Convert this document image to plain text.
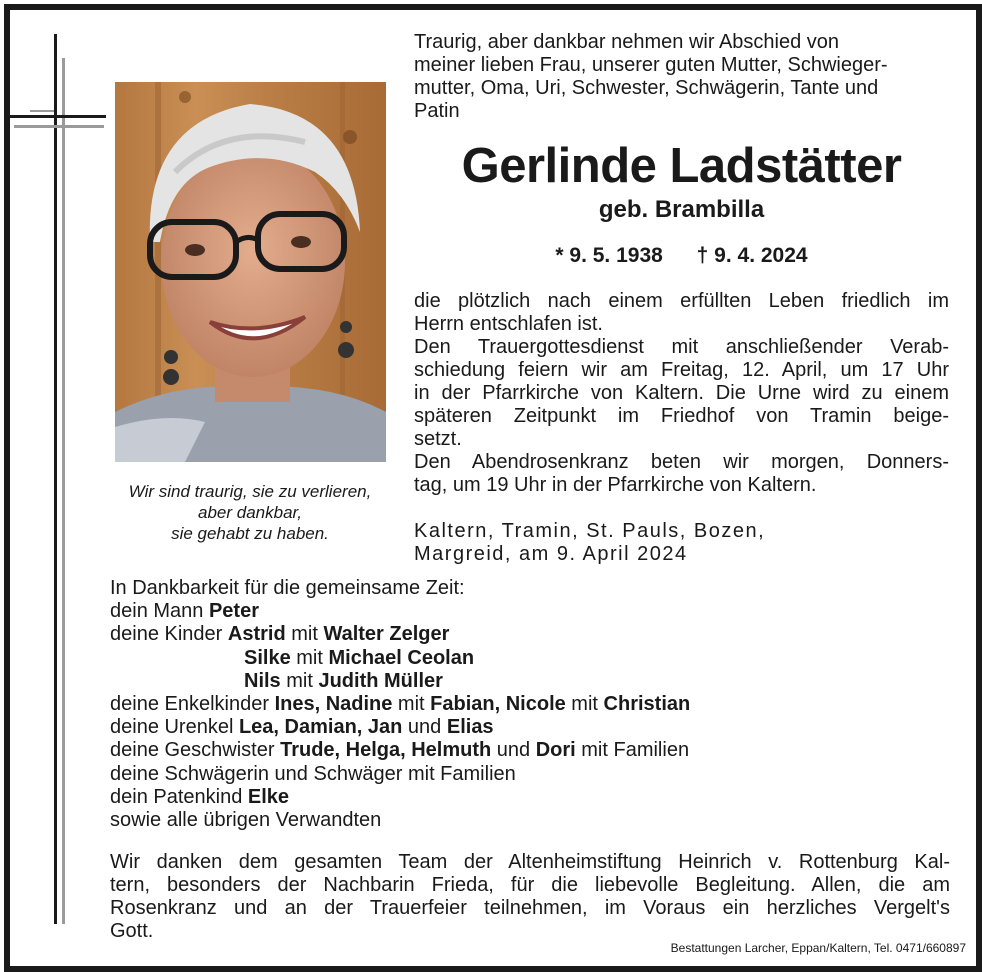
Wir sind traurig, sie zu verlieren,
aber dankbar,
sie gehabt zu haben.
Traurig, aber dankbar nehmen wir Abschied von
meiner lieben Frau, unserer guten Mutter, Schwieger-
mutter, Oma, Uri, Schwester, Schwägerin, Tante und
Patin
Gerlinde Ladstätter
geb. Brambilla
* 9. 5. 1938 † 9. 4. 2024
die plötzlich nach einem erfüllten Leben friedlich im
Herrn entschlafen ist.
Den Trauergottesdienst mit anschließender Verab-
schiedung feiern wir am Freitag, 12. April, um 17 Uhr
in der Pfarrkirche von Kaltern. Die Urne wird zu einem
späteren Zeitpunkt im Friedhof von Tramin beige-
setzt.
Den Abendrosenkranz beten wir morgen, Donners-
tag, um 19 Uhr in der Pfarrkirche von Kaltern.
Kaltern, Tramin, St. Pauls, Bozen,
Margreid, am 9. April 2024
In Dankbarkeit für die gemeinsame Zeit:
dein Mann Peter
deine Kinder Astrid mit Walter Zelger
Silke mit Michael Ceolan
Nils mit Judith Müller
deine Enkelkinder Ines, Nadine mit Fabian, Nicole mit Christian
deine Urenkel Lea, Damian, Jan und Elias
deine Geschwister Trude, Helga, Helmuth und Dori mit Familien
deine Schwägerin und Schwäger mit Familien
dein Patenkind Elke
sowie alle übrigen Verwandten
Wir danken dem gesamten Team der Altenheimstiftung Heinrich v. Rottenburg Kal-
tern, besonders der Nachbarin Frieda, für die liebevolle Begleitung. Allen, die am
Rosenkranz und an der Trauerfeier teilnehmen, im Voraus ein herzliches Vergelt's
Gott.
Bestattungen Larcher, Eppan/Kaltern, Tel. 0471/660897
